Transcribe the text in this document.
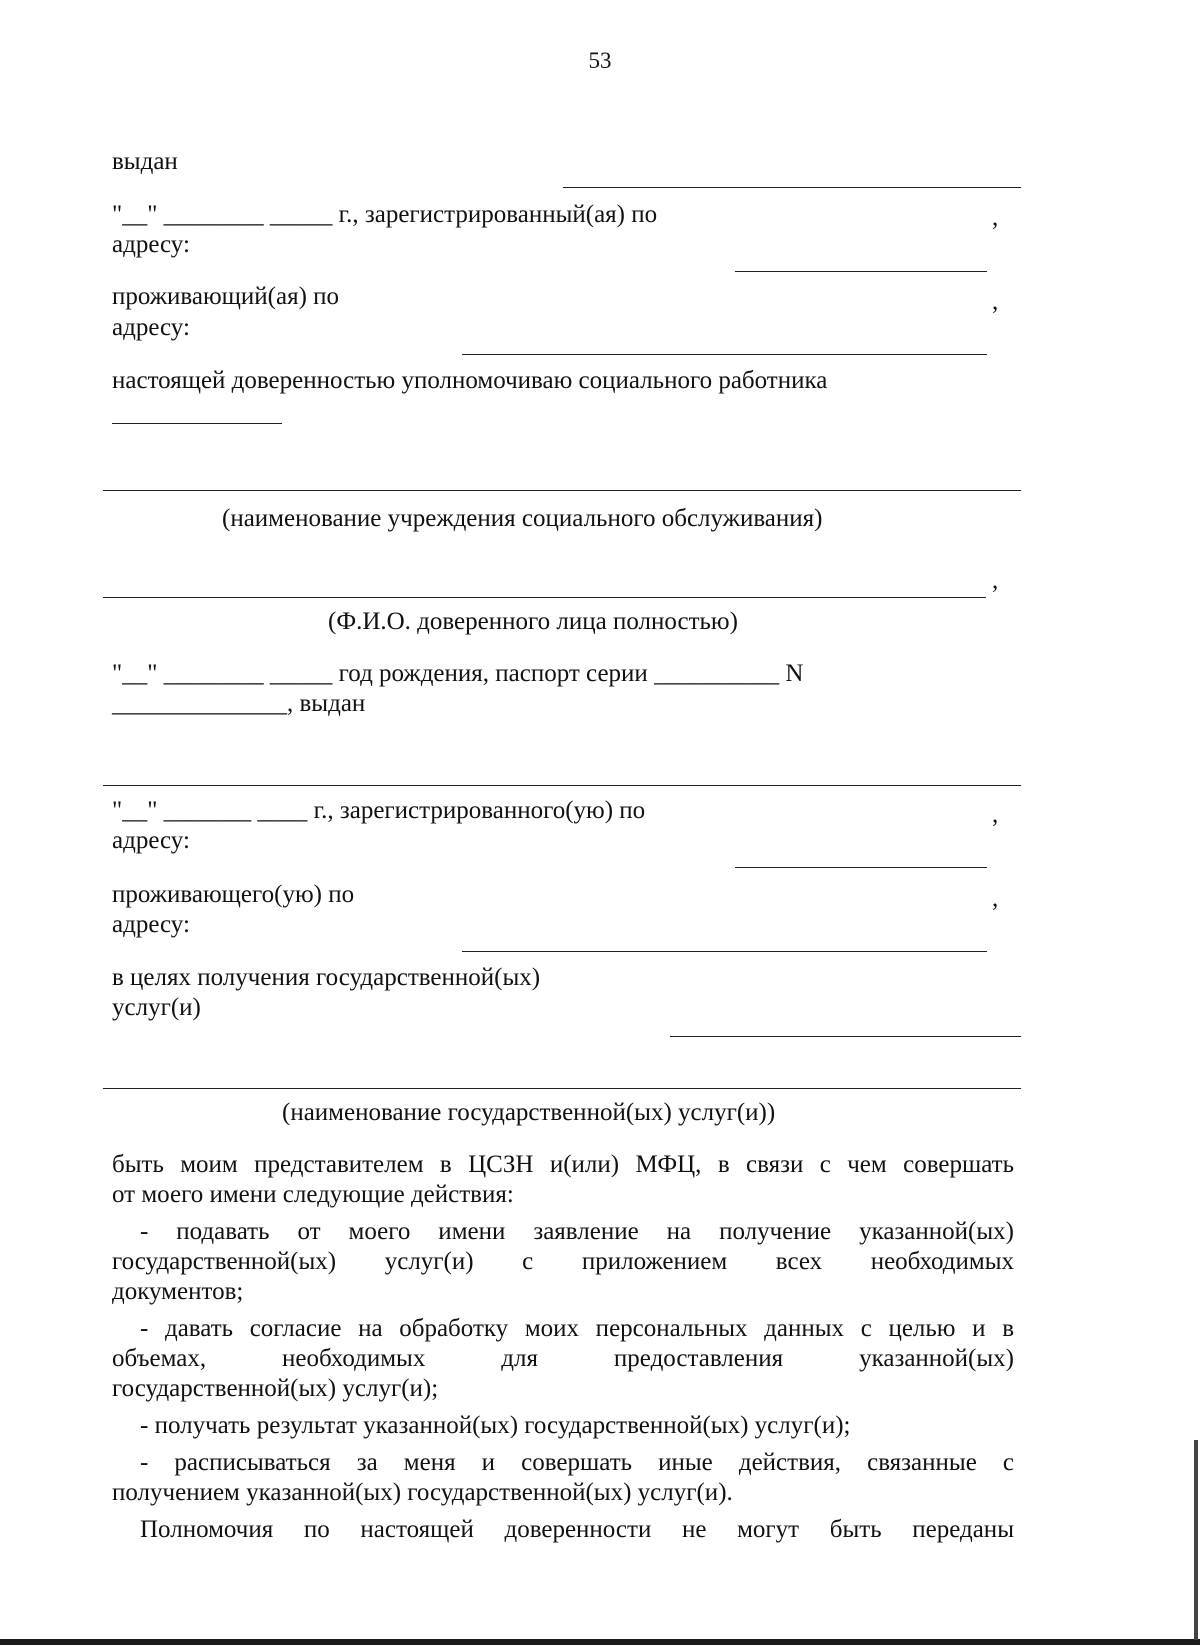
53
выдан
"__" ________ _____ г., зарегистрированный(ая) по	,
адресу:
проживающий(ая) по	,
адресу:
настоящей доверенностью уполномочиваю социального работника
(наименование учреждения социального обслуживания)
,
(Ф.И.О. доверенного лица полностью)
"__" ________ _____ год рождения, паспорт серии __________ N
______________, выдан
"__" _______ ____ г., зарегистрированного(ую) по	,
адресу:
проживающего(ую) по	,
адресу:
в целях получения государственной(ых)
услуг(и)
(наименование государственной(ых) услуг(и))
быть моим представителем в ЦСЗН и(или) МФЦ, в связи с чем совершать
от моего имени следующие действия:
- подавать от моего имени заявление на получение указанной(ых)
государственной(ых) услуг(и) с приложением всех необходимых
документов;
- давать согласие на обработку моих персональных данных с целью и в
объемах, необходимых для предоставления указанной(ых)
государственной(ых) услуг(и);
- получать результат указанной(ых) государственной(ых) услуг(и);
- расписываться за меня и совершать иные действия, связанные с
получением указанной(ых) государственной(ых) услуг(и).
Полномочия по настоящей доверенности не могут быть переданы
